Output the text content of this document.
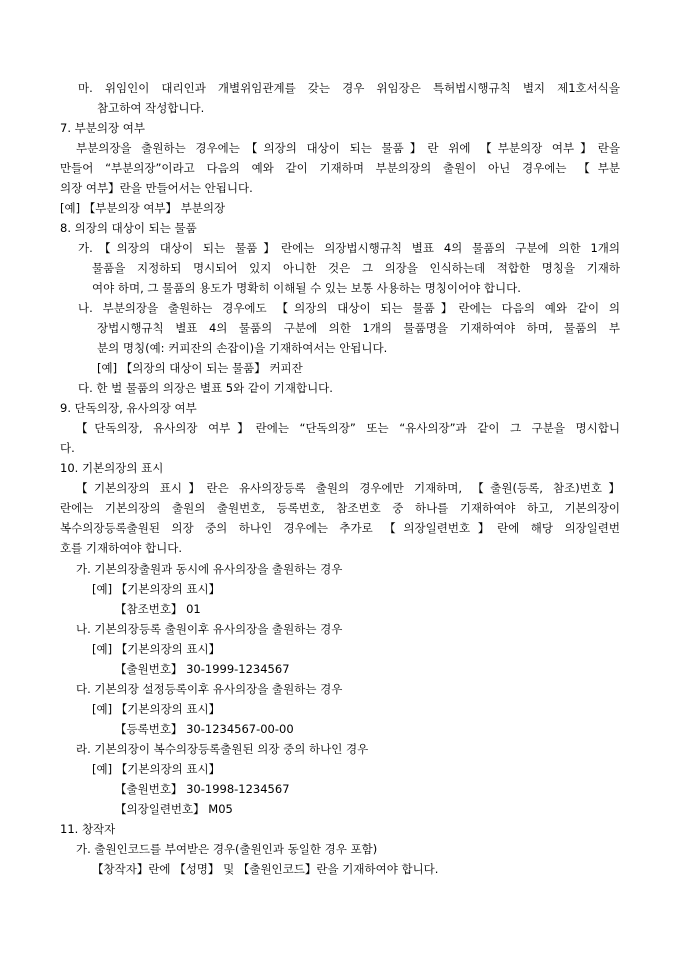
마. 위임인이 대리인과 개별위임관계를 갖는 경우 위임장은 특허법시행규칙 별지 제1호서식을
참고하여 작성합니다.
7. 부분의장 여부
부분의장을 출원하는 경우에는【의장의 대상이 되는 물품】란 위에 【부분의장 여부】란을
만들어 “부분의장”이라고 다음의 예와 같이 기재하며 부분의장의 출원이 아닌 경우에는 【부분
의장 여부】란을 만들어서는 안됩니다.
[예] 【부분의장 여부】 부분의장
8. 의장의 대상이 되는 물품
가.【의장의 대상이 되는 물품】란에는 의장법시행규칙 별표 4의 물품의 구분에 의한 1개의
물품을 지정하되 명시되어 있지 아니한 것은 그 의장을 인식하는데 적합한 명칭을 기재하
여야 하며, 그 물품의 용도가 명확히 이해될 수 있는 보통 사용하는 명칭이어야 합니다.
나. 부분의장을 출원하는 경우에도 【의장의 대상이 되는 물품】란에는 다음의 예와 같이 의
장법시행규칙 별표 4의 물품의 구분에 의한 1개의 물품명을 기재하여야 하며, 물품의 부
분의 명칭(예: 커피잔의 손잡이)을 기재하여서는 안됩니다.
[예] 【의장의 대상이 되는 물품】 커피잔
다. 한 벌 물품의 의장은 별표 5와 같이 기재합니다.
9. 단독의장, 유사의장 여부
【단독의장, 유사의장 여부】란에는 “단독의장” 또는 “유사의장”과 같이 그 구분을 명시합니
다.
10. 기본의장의 표시
【기본의장의 표시】란은 유사의장등록 출원의 경우에만 기재하며, 【출원(등록, 참조)번호】
란에는 기본의장의 출원의 출원번호, 등록번호, 참조번호 중 하나를 기재하여야 하고, 기본의장이
복수의장등록출원된 의장 중의 하나인 경우에는 추가로 【의장일련번호】란에 해당 의장일련번
호를 기재하여야 합니다.
가. 기본의장출원과 동시에 유사의장을 출원하는 경우
[예] 【기본의장의 표시】
【참조번호】 01
나. 기본의장등록 출원이후 유사의장을 출원하는 경우
[예] 【기본의장의 표시】
【출원번호】 30-1999-1234567
다. 기본의장 설정등록이후 유사의장을 출원하는 경우
[예] 【기본의장의 표시】
【등록번호】 30-1234567-00-00
라. 기본의장이 복수의장등록출원된 의장 중의 하나인 경우
[예] 【기본의장의 표시】
【출원번호】 30-1998-1234567
【의장일련번호】 M05
11. 창작자
가. 출원인코드를 부여받은 경우(출원인과 동일한 경우 포함)
【창작자】란에 【성명】 및 【출원인코드】란을 기재하여야 합니다.
